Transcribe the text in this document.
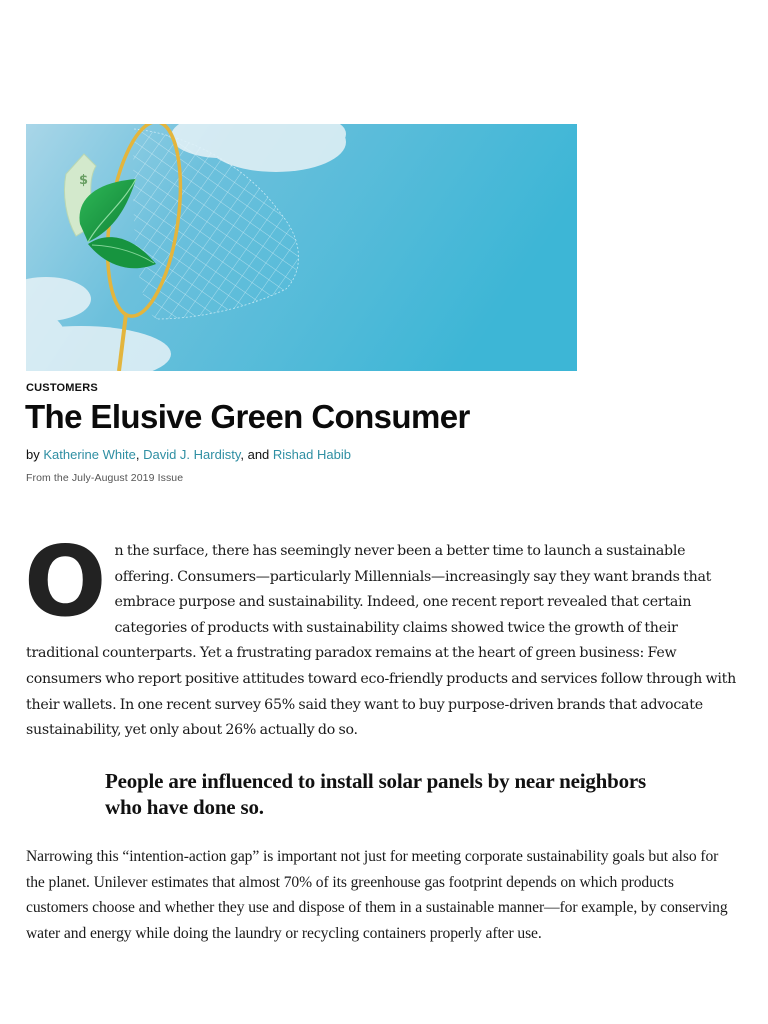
$
CUSTOMERS
The Elusive Green Consumer
by Katherine White, David J. Hardisty, and Rishad Habib
From the July-August 2019 Issue

On the surface, there has seemingly never been a better time to launch a sustainable offering. Consumers—particularly Millennials—increasingly say they want brands that embrace purpose and sustainability. Indeed, one recent report revealed that certain categories of products with sustainability claims showed twice the growth of their traditional counterparts. Yet a frustrating paradox remains at the heart of green business: Few consumers who report positive attitudes toward eco-friendly products and services follow through with their wallets. In one recent survey 65% said they want to buy purpose-driven brands that advocate sustainability, yet only about 26% actually do so.

People are influenced to install solar panels by near neighbors who have done so.

Narrowing this “intention-action gap” is important not just for meeting corporate sustainability goals but also for the planet. Unilever estimates that almost 70% of its greenhouse gas footprint depends on which products customers choose and whether they use and dispose of them in a sustainable manner—for example, by conserving water and energy while doing the laundry or recycling containers properly after use.
